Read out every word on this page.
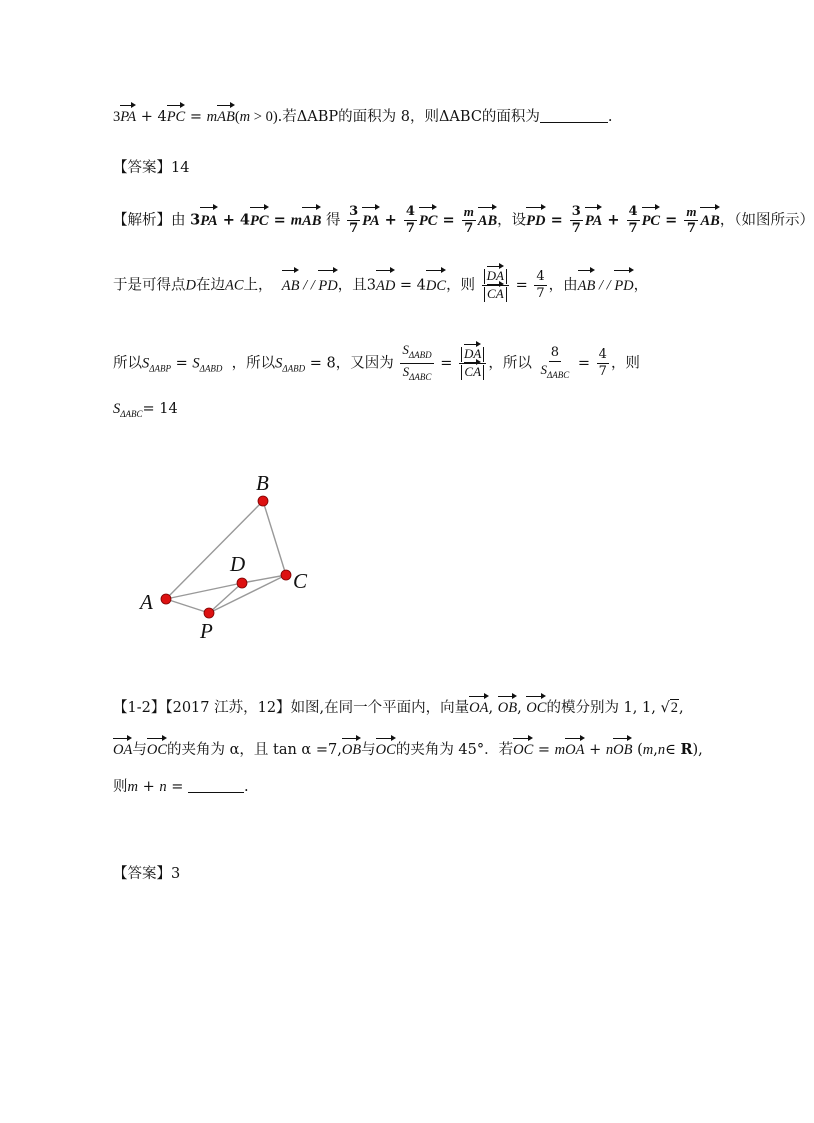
3PA + 4PC = mAB(m > 0).若ΔABP的面积为 8，则ΔABC的面积为	.
【答案】14
【解析】由 3PA + 4PC = mAB 得 $\frac{3}{7}$ PA + $\frac{4}{7}$ PC = $\frac{m}{7}$ AB，设PD = $\frac{3}{7}$ PA + $\frac{4}{7}$ PC = $\frac{m}{7}$ AB，（如图所示）
于是可得点D在边AC上， AB / / PD，且3AD = 4DC，则 $\frac{DA}{CA} = \frac{4}{7}$ ，由AB / / PD，
所以$S_{\Delta ABP} = S_{\Delta ABD}$ ，所以$S_{\Delta ABD} = 8$，又因为 $\frac{S_{\Delta ABD}}{S_{\Delta ABC}} = \frac{DA}{CA}$ ，所以 $\frac{8}{S_{\Delta ABC}} = \frac{4}{7}$ ，则
$S_{\Delta ABC}= 14$
B
D
C
A
P
【1-2】【2017 江苏，12】如图,在同一个平面内，向量OA, OB, OC的模分别为 1, 1, √2,
OA与OC的夹角为 α，且 tan α =7,OB与OC的夹角为 45°．若OC = mOA + nOB (m,n∈ R),
则m + n =	.
【答案】3
